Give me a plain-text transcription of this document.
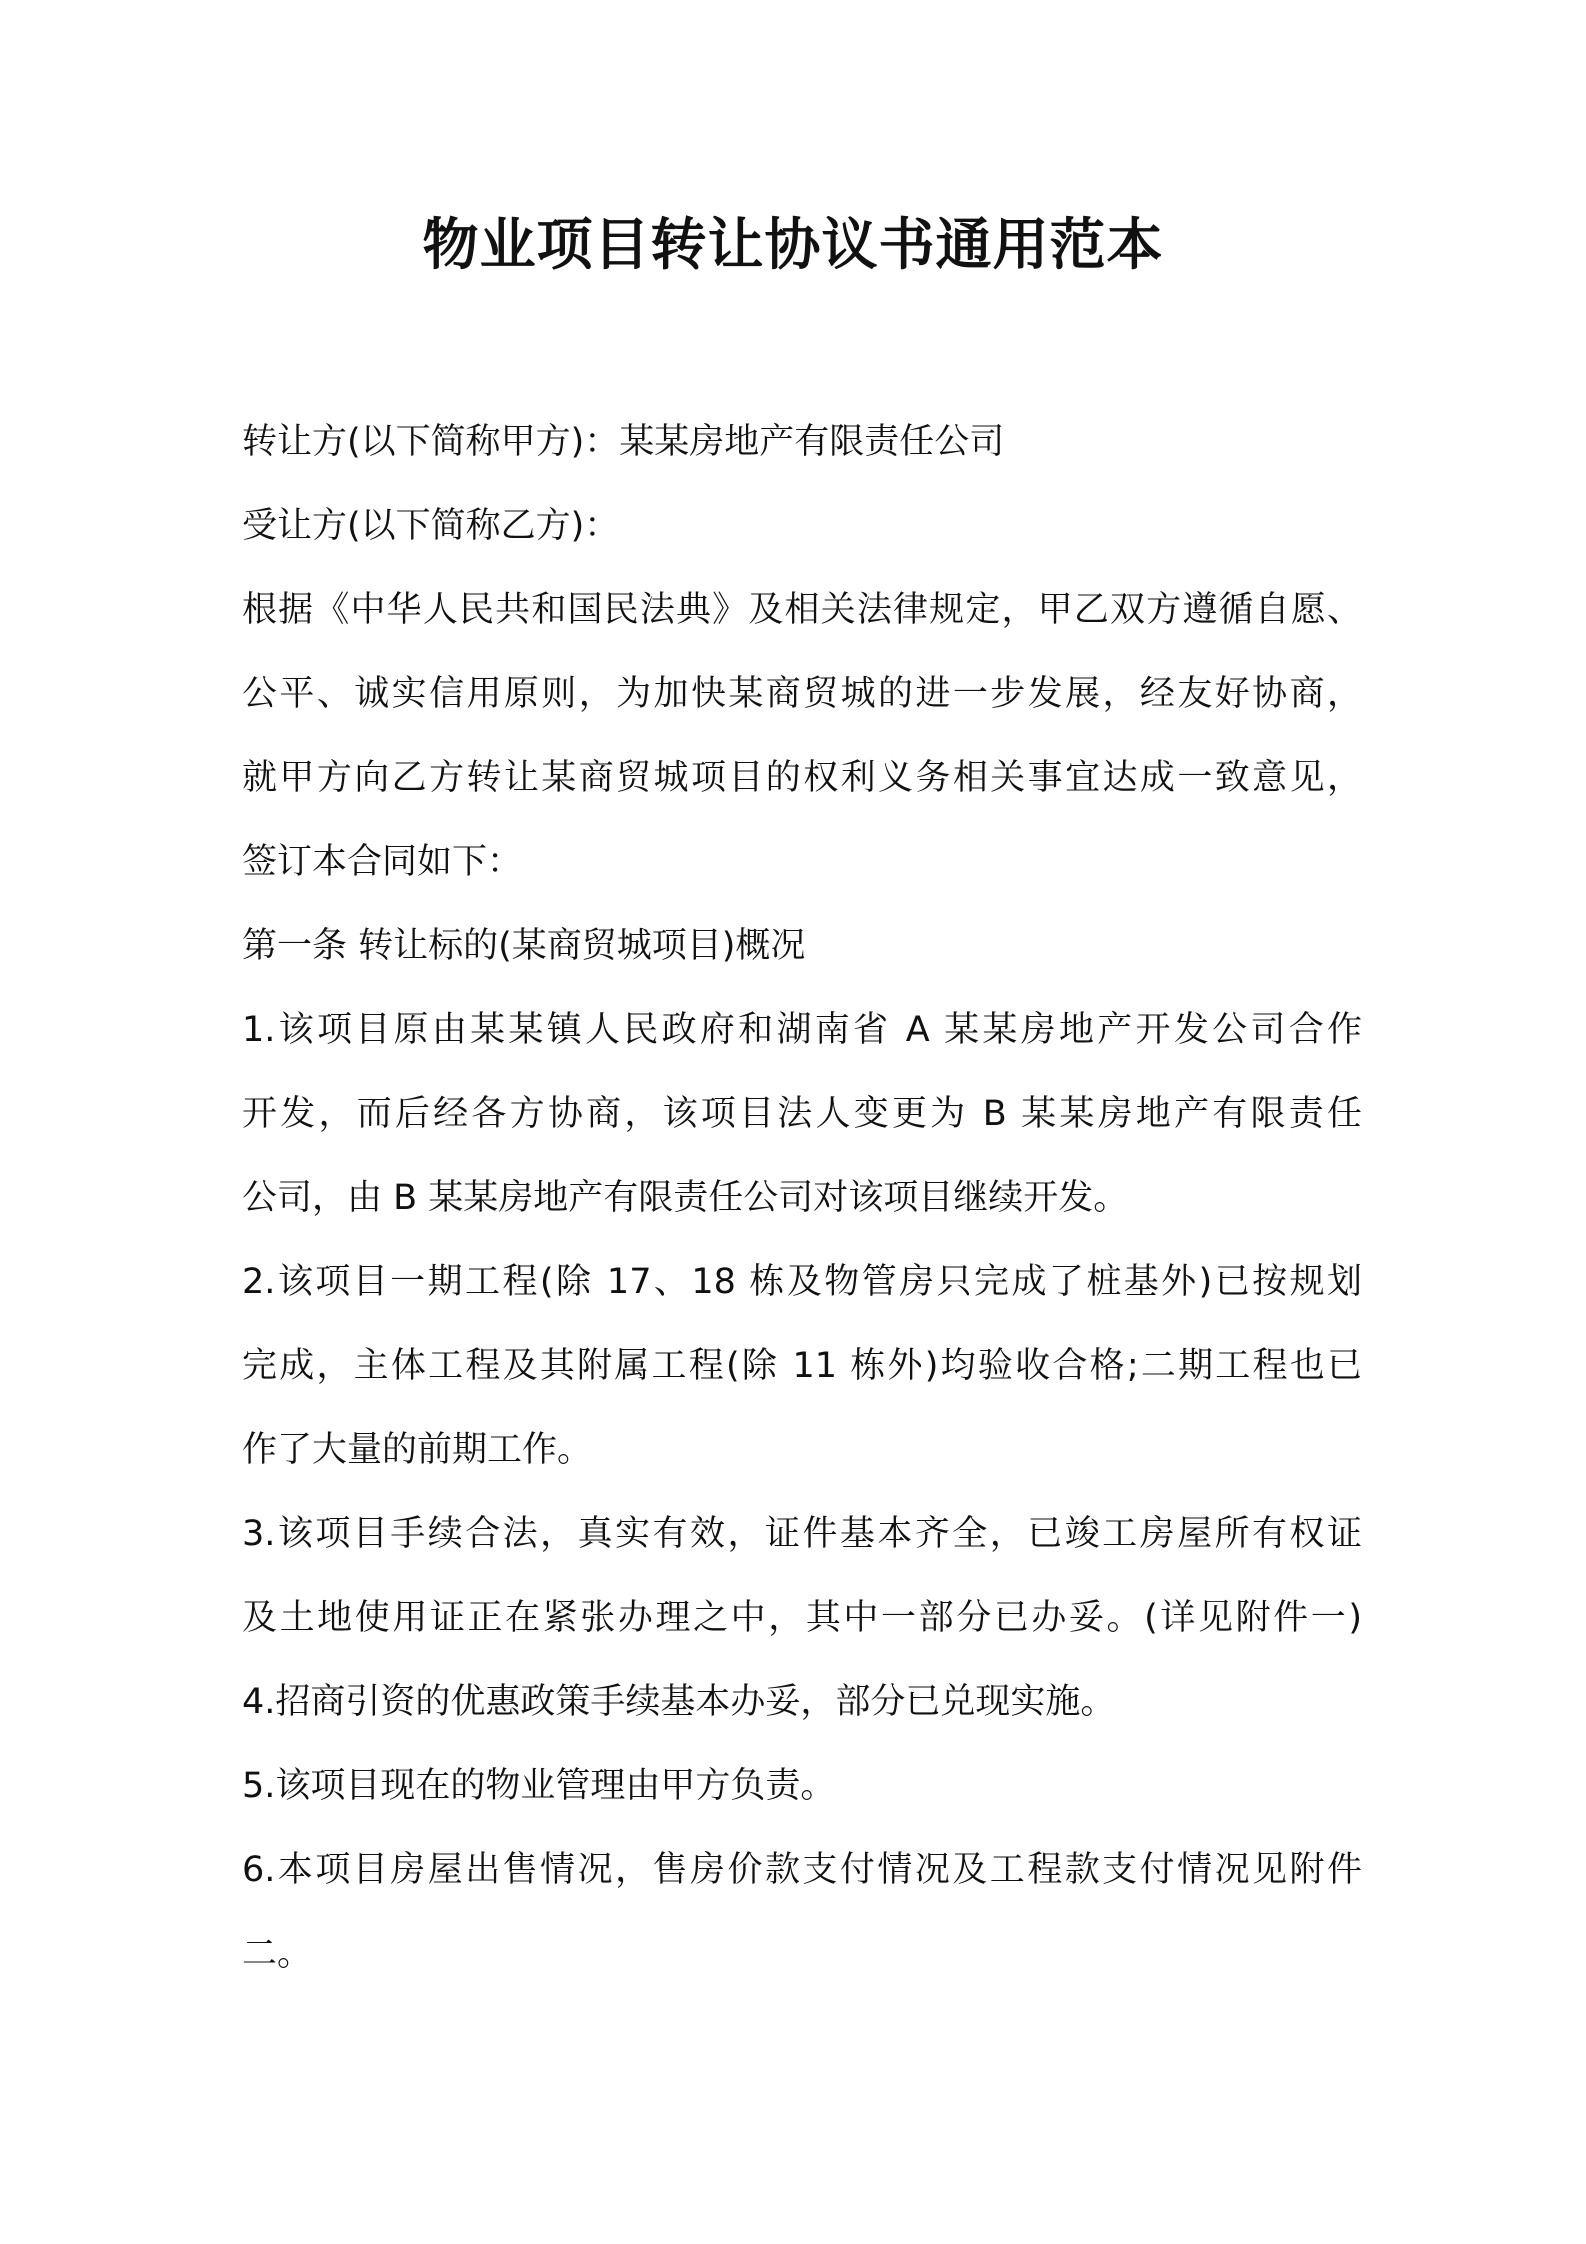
物业项目转让协议书通用范本
转让方(以下简称甲方)：某某房地产有限责任公司
受让方(以下简称乙方)：
根据《中华人民共和国民法典》及相关法律规定，甲乙双方遵循自愿、
公平、诚实信用原则，为加快某商贸城的进一步发展，经友好协商，
就甲方向乙方转让某商贸城项目的权利义务相关事宜达成一致意见，
签订本合同如下：
第一条 转让标的(某商贸城项目)概况
1.该项目原由某某镇人民政府和湖南省 A 某某房地产开发公司合作
开发，而后经各方协商，该项目法人变更为 B 某某房地产有限责任
公司，由 B 某某房地产有限责任公司对该项目继续开发。
2.该项目一期工程(除 17、18 栋及物管房只完成了桩基外)已按规划
完成，主体工程及其附属工程(除 11 栋外)均验收合格;二期工程也已
作了大量的前期工作。
3.该项目手续合法，真实有效，证件基本齐全，已竣工房屋所有权证
及土地使用证正在紧张办理之中，其中一部分已办妥。(详见附件一)
4.招商引资的优惠政策手续基本办妥，部分已兑现实施。
5.该项目现在的物业管理由甲方负责。
6.本项目房屋出售情况，售房价款支付情况及工程款支付情况见附件
二。
